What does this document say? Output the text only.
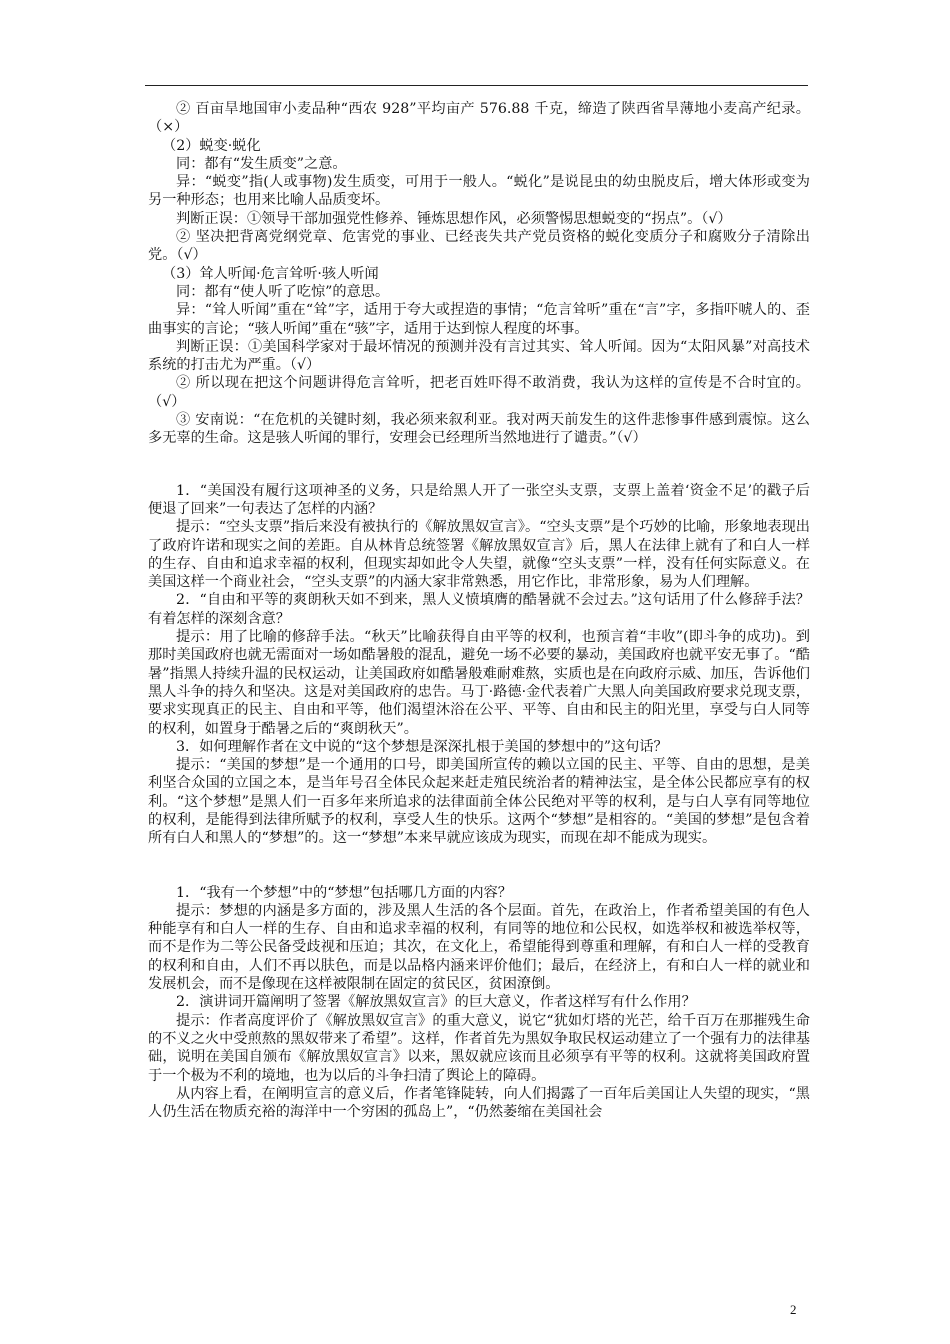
② 百亩旱地国审小麦品种“西农 928”平均亩产 576.88 千克，缔造了陕西省旱薄地小麦高产纪录。（×）

（2）蜕变·蜕化

同：都有“发生质变”之意。

异：“蜕变”指(人或事物)发生质变，可用于一般人。“蜕化”是说昆虫的幼虫脱皮后，增大体形或变为另一种形态；也用来比喻人品质变坏。

判断正误：①领导干部加强党性修养、锤炼思想作风，必须警惕思想蜕变的“拐点”。（√）

② 坚决把背离党纲党章、危害党的事业、已经丧失共产党员资格的蜕化变质分子和腐败分子清除出党。（√）

（3）耸人听闻·危言耸听·骇人听闻

同：都有“使人听了吃惊”的意思。

异：“耸人听闻”重在“耸”字，适用于夸大或捏造的事情；“危言耸听”重在“言”字，多指吓唬人的、歪曲事实的言论；“骇人听闻”重在“骇”字，适用于达到惊人程度的坏事。

判断正误：①美国科学家对于最坏情况的预测并没有言过其实、耸人听闻。因为“太阳风暴”对高技术系统的打击尤为严重。（√）

② 所以现在把这个问题讲得危言耸听，把老百姓吓得不敢消费，我认为这样的宣传是不合时宜的。（√）

③ 安南说：“在危机的关键时刻，我必须来叙利亚。我对两天前发生的这件悲惨事件感到震惊。这么多无辜的生命。这是骇人听闻的罪行，安理会已经理所当然地进行了谴责。”（√）

1．“美国没有履行这项神圣的义务，只是给黑人开了一张空头支票，支票上盖着‘资金不足’的戳子后便退了回来”一句表达了怎样的内涵？

提示：“空头支票”指后来没有被执行的《解放黑奴宣言》。“空头支票”是个巧妙的比喻，形象地表现出了政府许诺和现实之间的差距。自从林肯总统签署《解放黑奴宣言》后，黑人在法律上就有了和白人一样的生存、自由和追求幸福的权利，但现实却如此令人失望，就像“空头支票”一样，没有任何实际意义。在美国这样一个商业社会，“空头支票”的内涵大家非常熟悉，用它作比，非常形象，易为人们理解。

2．“自由和平等的爽朗秋天如不到来，黑人义愤填膺的酷暑就不会过去。”这句话用了什么修辞手法？有着怎样的深刻含意？

提示：用了比喻的修辞手法。“秋天”比喻获得自由平等的权利，也预言着“丰收”(即斗争的成功)。到那时美国政府也就无需面对一场如酷暑般的混乱，避免一场不必要的暴动，美国政府也就平安无事了。“酷暑”指黑人持续升温的民权运动，让美国政府如酷暑般难耐难熬，实质也是在向政府示威、加压，告诉他们黑人斗争的持久和坚决。这是对美国政府的忠告。马丁·路德·金代表着广大黑人向美国政府要求兑现支票，要求实现真正的民主、自由和平等，他们渴望沐浴在公平、平等、自由和民主的阳光里，享受与白人同等的权利，如置身于酷暑之后的“爽朗秋天”。

3．如何理解作者在文中说的“这个梦想是深深扎根于美国的梦想中的”这句话？

提示：“美国的梦想”是一个通用的口号，即美国所宣传的赖以立国的民主、平等、自由的思想，是美利坚合众国的立国之本，是当年号召全体民众起来赶走殖民统治者的精神法宝，是全体公民都应享有的权利。“这个梦想”是黑人们一百多年来所追求的法律面前全体公民绝对平等的权利，是与白人享有同等地位的权利，是能得到法律所赋予的权利，享受人生的快乐。这两个“梦想”是相容的。“美国的梦想”是包含着所有白人和黑人的“梦想”的。这一“梦想”本来早就应该成为现实，而现在却不能成为现实。

1．“我有一个梦想”中的“梦想”包括哪几方面的内容？

提示：梦想的内涵是多方面的，涉及黑人生活的各个层面。首先，在政治上，作者希望美国的有色人种能享有和白人一样的生存、自由和追求幸福的权利，有同等的地位和公民权，如选举权和被选举权等，而不是作为二等公民备受歧视和压迫；其次，在文化上，希望能得到尊重和理解，有和白人一样的受教育的权利和自由，人们不再以肤色，而是以品格内涵来评价他们；最后，在经济上，有和白人一样的就业和发展机会，而不是像现在这样被限制在固定的贫民区，贫困潦倒。

2．演讲词开篇阐明了签署《解放黑奴宣言》的巨大意义，作者这样写有什么作用？

提示：作者高度评价了《解放黑奴宣言》的重大意义，说它“犹如灯塔的光芒，给千百万在那摧残生命的不义之火中受煎熬的黑奴带来了希望”。这样，作者首先为黑奴争取民权运动建立了一个强有力的法律基础，说明在美国自颁布《解放黑奴宣言》以来，黑奴就应该而且必须享有平等的权利。这就将美国政府置于一个极为不利的境地，也为以后的斗争扫清了舆论上的障碍。

从内容上看，在阐明宣言的意义后，作者笔锋陡转，向人们揭露了一百年后美国让人失望的现实，“黑人仍生活在物质充裕的海洋中一个穷困的孤岛上”，“仍然萎缩在美国社会

2
